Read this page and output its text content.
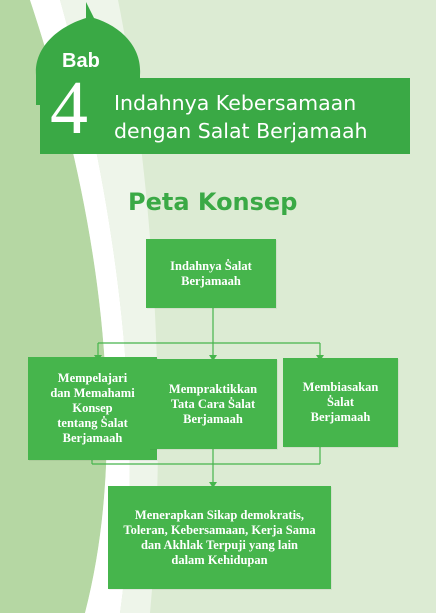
Bab
4 Indahnya Kebersamaan
dengan Salat Berjamaah
Peta Konsep
Indahnya Ṡalat
Berjamaah
Mempelajari
dan Memahami
Konsep
tentang Ṡalat
Berjamaah
Mempraktikkan
Tata Cara Ṡalat
Berjamaah
Membiasakan
Ṡalat
Berjamaah
Menerapkan Sikap demokratis,
Toleran, Kebersamaan, Kerja Sama
dan Akhlak Terpuji yang lain
dalam Kehidupan
